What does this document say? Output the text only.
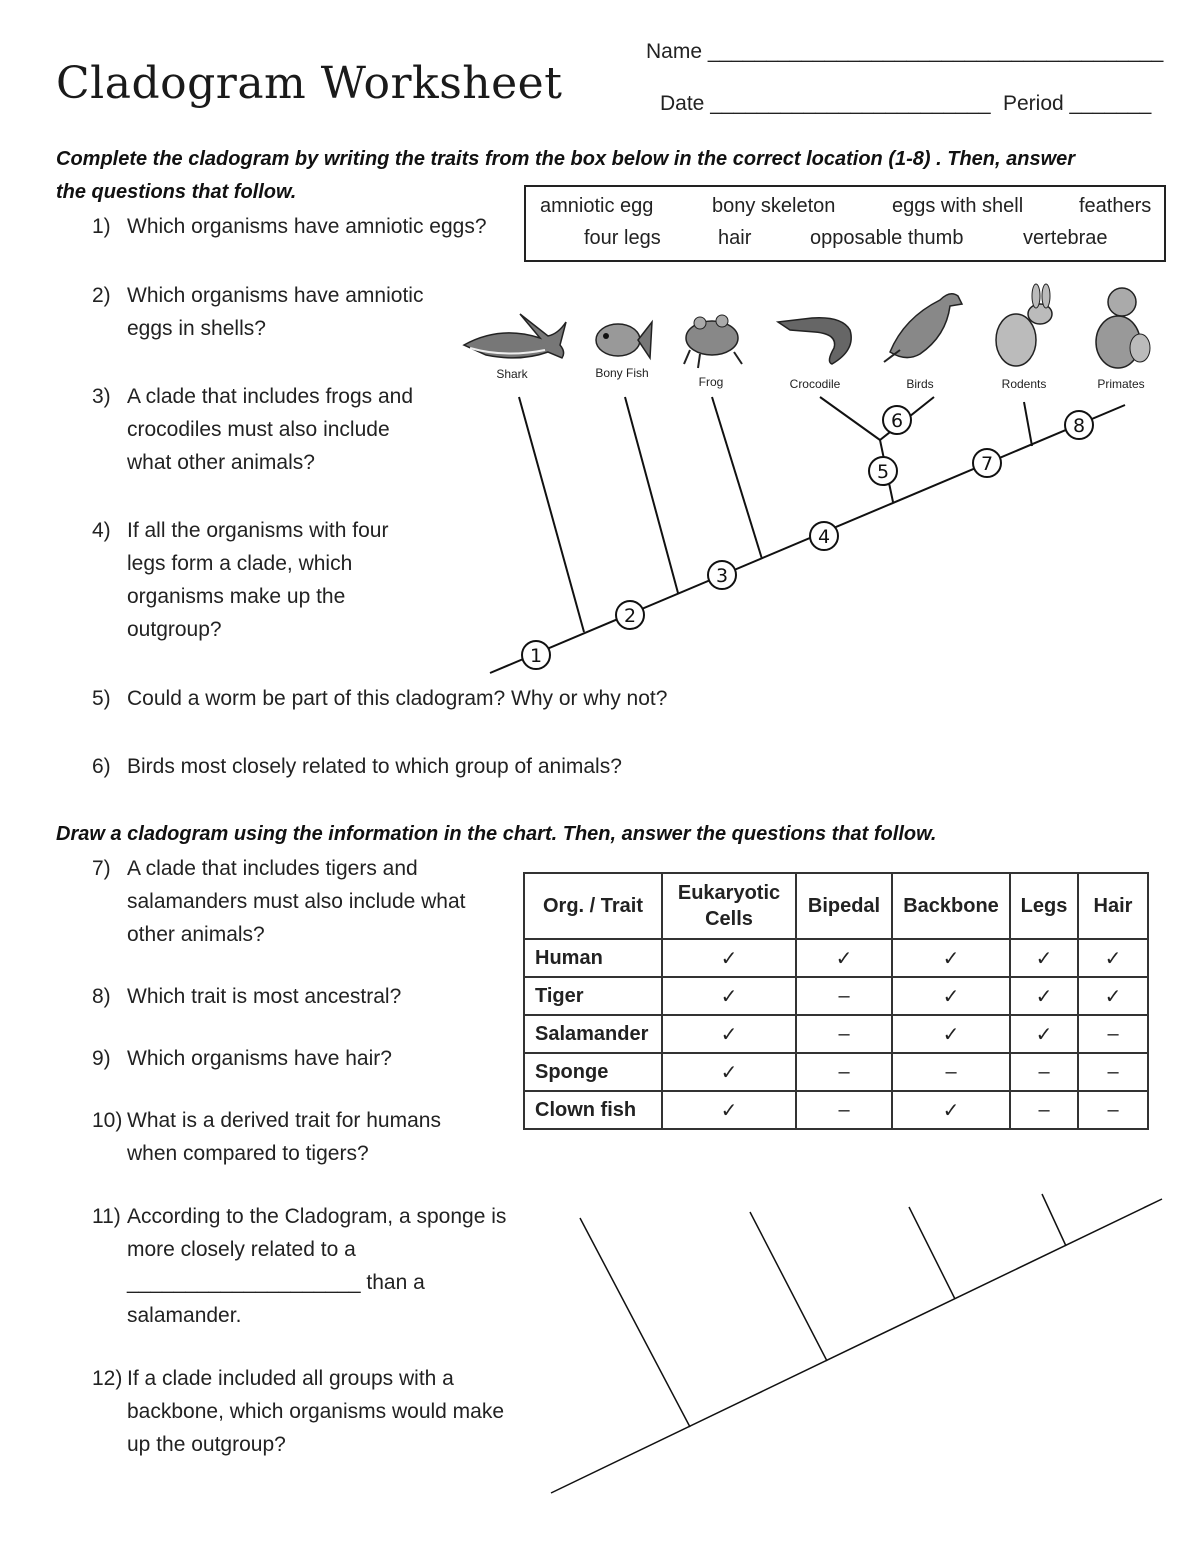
Cladogram Worksheet
Name _______________________________________
Date ________________________ Period _______
Complete the cladogram by writing the traits from the box below in the correct location (1-8) . Then, answer
the questions that follow.
amniotic egg	bony skeleton	eggs with shell	feathers
four legs	hair	opposable thumb	vertebrae
1) Which organisms have amniotic eggs?
2) Which organisms have amniotic
eggs in shells?
3) A clade that includes frogs and
crocodiles must also include
what other animals?
4) If all the organisms with four
legs form a clade, which
organisms make up the
outgroup?
5) Could a worm be part of this cladogram? Why or why not?
6) Birds most closely related to which group of animals?
1
2
3
4
5
6
7
8
Shark	Bony Fish
Frog	Crocodile	Birds	Rodents	Primates
Draw a cladogram using the information in the chart. Then, answer the questions that follow.
7) A clade that includes tigers and
salamanders must also include what
other animals?
8) Which trait is most ancestral?
9) Which organisms have hair?
10) What is a derived trait for humans
when compared to tigers?
11) According to the Cladogram, a sponge is
more closely related to a
____________________ than a
salamander.
12) If a clade included all groups with a
backbone, which organisms would make
up the outgroup?
Org. / Trait	Eukaryotic Cells	Bipedal	Backbone	Legs	Hair
Human	✓	✓	✓	✓	✓
Tiger	✓	–	✓	✓	✓
Salamander	✓	–	✓	✓	–
Sponge	✓	–	–	–	–
Clown fish	✓	–	✓	–	–
